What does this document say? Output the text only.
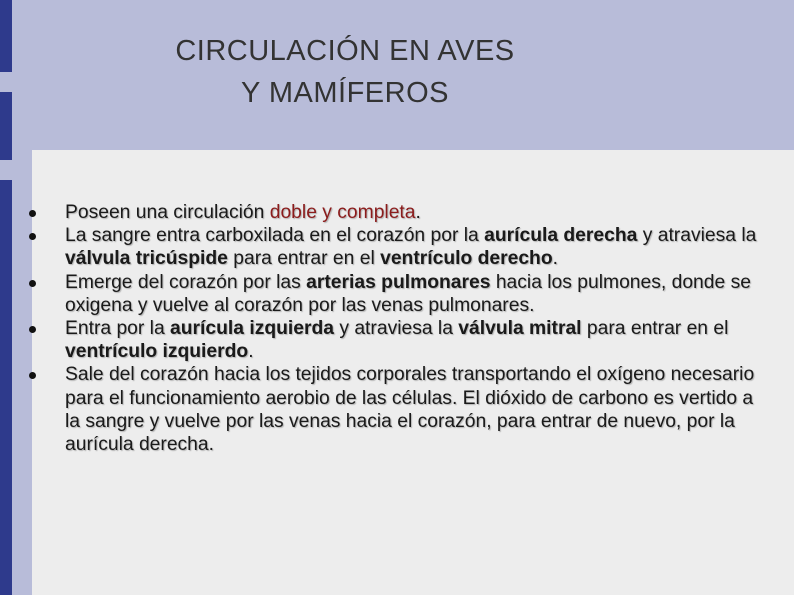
CIRCULACIÓN EN AVES
Y MAMÍFEROS
Poseen una circulación doble y completa.
La sangre entra carboxilada en el corazón por la aurícula derecha y atraviesa la válvula tricúspide para entrar en el ventrículo derecho.
Emerge del corazón por las arterias pulmonares hacia los pulmones, donde se oxigena y vuelve al corazón por las venas pulmonares.
Entra por la aurícula izquierda y atraviesa la válvula mitral para entrar en el ventrículo izquierdo.
Sale del corazón hacia los tejidos corporales transportando el oxígeno necesario para el funcionamiento aerobio de las células. El dióxido de carbono es vertido a la sangre y vuelve por las venas hacia el corazón, para entrar de nuevo, por la aurícula derecha.
